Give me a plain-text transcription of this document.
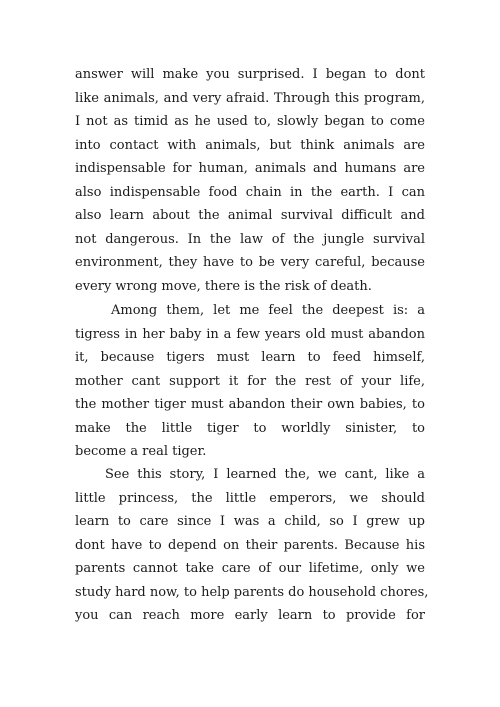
answer will make you surprised. I began to dont
like animals, and very afraid. Through this program,
I not as timid as he used to, slowly began to come
into contact with animals, but think animals are
indispensable for human, animals and humans are
also indispensable food chain in the earth. I can
also learn about the animal survival difficult and
not dangerous. In the law of the jungle survival
environment, they have to be very careful, because
every wrong move, there is the risk of death.
Among them, let me feel the deepest is: a
tigress in her baby in a few years old must abandon
it, because tigers must learn to feed himself,
mother cant support it for the rest of your life,
the mother tiger must abandon their own babies, to
make the little tiger to worldly sinister, to
become a real tiger.
See this story, I learned the, we cant, like a
little princess, the little emperors, we should
learn to care since I was a child, so I grew up
dont have to depend on their parents. Because his
parents cannot take care of our lifetime, only we
study hard now, to help parents do household chores,
you can reach more early learn to provide for
